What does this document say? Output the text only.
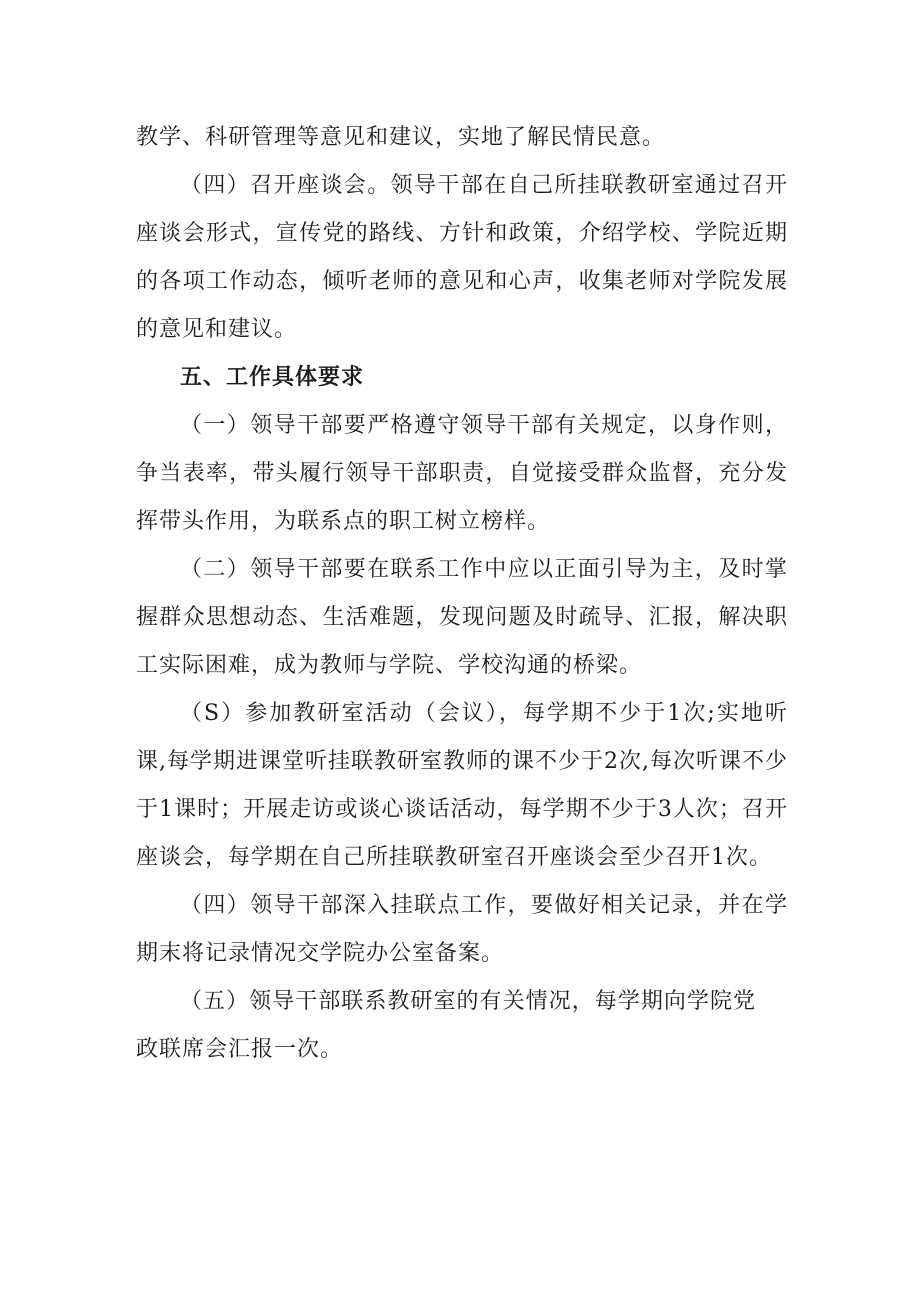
教学、科研管理等意见和建议，实地了解民情民意。

（四）召开座谈会。领导干部在自己所挂联教研室通过召开座谈会形式，宣传党的路线、方针和政策，介绍学校、学院近期的各项工作动态，倾听老师的意见和心声，收集老师对学院发展的意见和建议。

五、工作具体要求

（一）领导干部要严格遵守领导干部有关规定，以身作则，争当表率，带头履行领导干部职责，自觉接受群众监督，充分发挥带头作用，为联系点的职工树立榜样。

（二）领导干部要在联系工作中应以正面引导为主，及时掌握群众思想动态、生活难题，发现问题及时疏导、汇报，解决职工实际困难，成为教师与学院、学校沟通的桥梁。

（S）参加教研室活动（会议），每学期不少于1次;实地听课,每学期进课堂听挂联教研室教师的课不少于2次,每次听课不少于1课时；开展走访或谈心谈话活动，每学期不少于3人次；召开座谈会，每学期在自己所挂联教研室召开座谈会至少召开1次。

（四）领导干部深入挂联点工作，要做好相关记录，并在学期末将记录情况交学院办公室备案。

（五）领导干部联系教研室的有关情况，每学期向学院党政联席会汇报一次。
